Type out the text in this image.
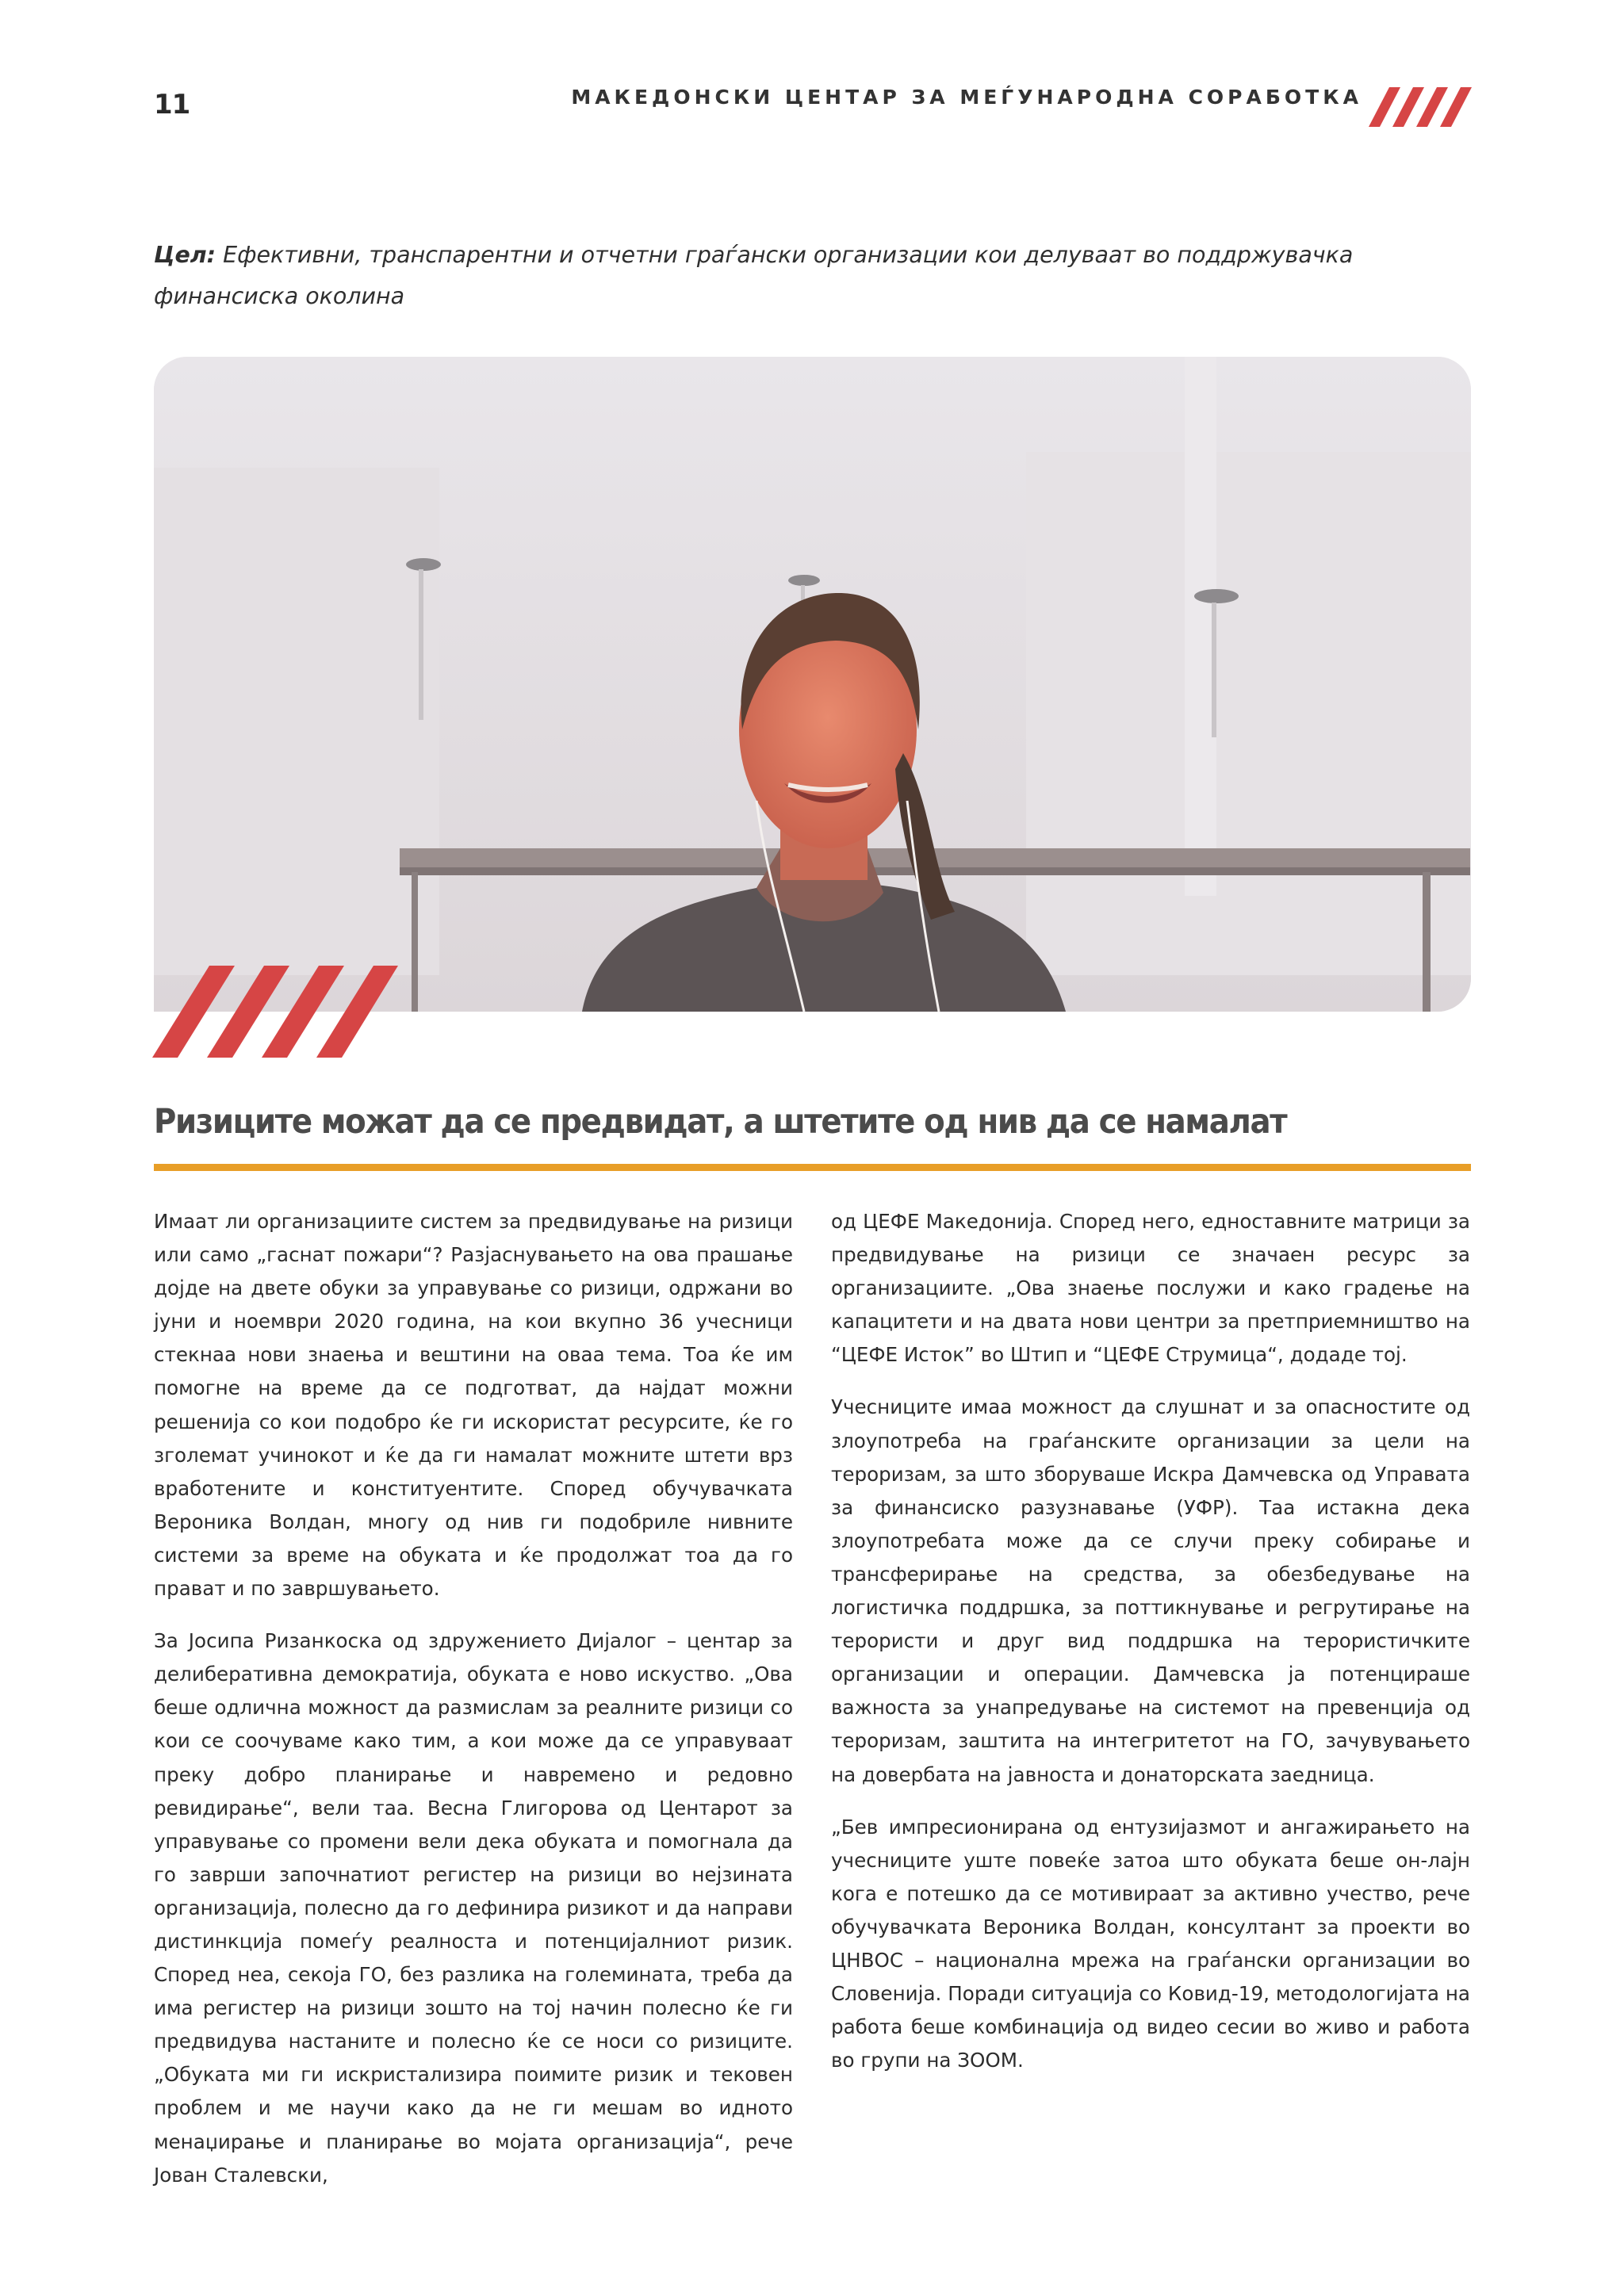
11	МАКЕДОНСКИ ЦЕНТАР ЗА МЕЃУНАРОДНА СОРАБОТКА
Цел: Ефективни, транспарентни и отчетни граѓански организации кои делуваат во поддржувачка финансиска околина
Ризиците можат да се предвидат, а штетите од нив да се намалат

Имаат ли организациите систем за предвидување на ризици или само „гаснат пожари“? Разјаснувањето на ова прашање дојде на двете обуки за управување со ризици, одржани во јуни и ноември 2020 година, на кои вкупно 36 учесници стекнаа нови знаења и вештини на оваа тема. Тоа ќе им помогне на време да се подготват, да најдат можни решенија со кои подобро ќе ги искористат ресурсите, ќе го зголемат учинокот и ќе да ги намалат можните штети врз вработените и конституентите. Според обучувачката Вероника Волдан, многу од нив ги подобриле нивните системи за време на обуката и ќе продолжат тоа да го прават и по завршувањето.

За Јосипа Ризанкоска од здружението Дијалог – центар за делиберативна демократија, обуката е ново искуство. „Ова беше одлична можност да размислам за реалните ризици со кои се соочуваме како тим, а кои може да се управуваат преку добро планирање и навремено и редовно ревидирање“, вели таа. Весна Глигорова од Центарот за управување со промени вели дека обуката и помогнала да го заврши започнатиот регистер на ризици во нејзината организација, полесно да го дефинира ризикот и да направи дистинкција помеѓу реалноста и потенцијалниот ризик. Според неа, секоја ГО, без разлика на големината, треба да има регистер на ризици зошто на тој начин полесно ќе ги предвидува настаните и полесно ќе се носи со ризиците. „Обуката ми ги искристализира поимите ризик и тековен проблем и ме научи како да не ги мешам во идното менаџирање и планирање во мојата организација“, рече Јован Сталевски,

од ЦЕФЕ Македонија. Според него, едноставните матрици за предвидување на ризици се значаен ресурс за организациите. „Ова знаење послужи и како градење на капацитети и на двата нови центри за претприемништво на “ЦЕФЕ Исток” во Штип и “ЦЕФЕ Струмица“, додаде тој.

Учесниците имаа можност да слушнат и за опасностите од злоупотреба на граѓанските организации за цели на тероризам, за што зборуваше Искра Дамчевска од Управата за финансиско разузнавање (УФР). Таа истакна дека злоупотребата може да се случи преку собирање и трансферирање на средства, за обезбедување на логистичка поддршка, за поттикнување и регрутирање на терористи и друг вид поддршка на терористичките организации и операции. Дамчевска ја потенцираше важноста за унапредување на системот на превенција од тероризам, заштита на интегритетот на ГО, зачувувањето на довербата на јавноста и донаторската заедница.

„Бев импресионирана од ентузијазмот и ангажирањето на учесниците уште повеќе затоа што обуката беше он-лајн кога е потешко да се мотивираат за активно учество, рече обучувачката Вероника Волдан, консултант за проекти во ЦНВОС – национална мрежа на граѓански организации во Словенија. Поради ситуација со Ковид-19, методологијата на работа беше комбинација од видео сесии во живо и работа во групи на ЗООМ.
